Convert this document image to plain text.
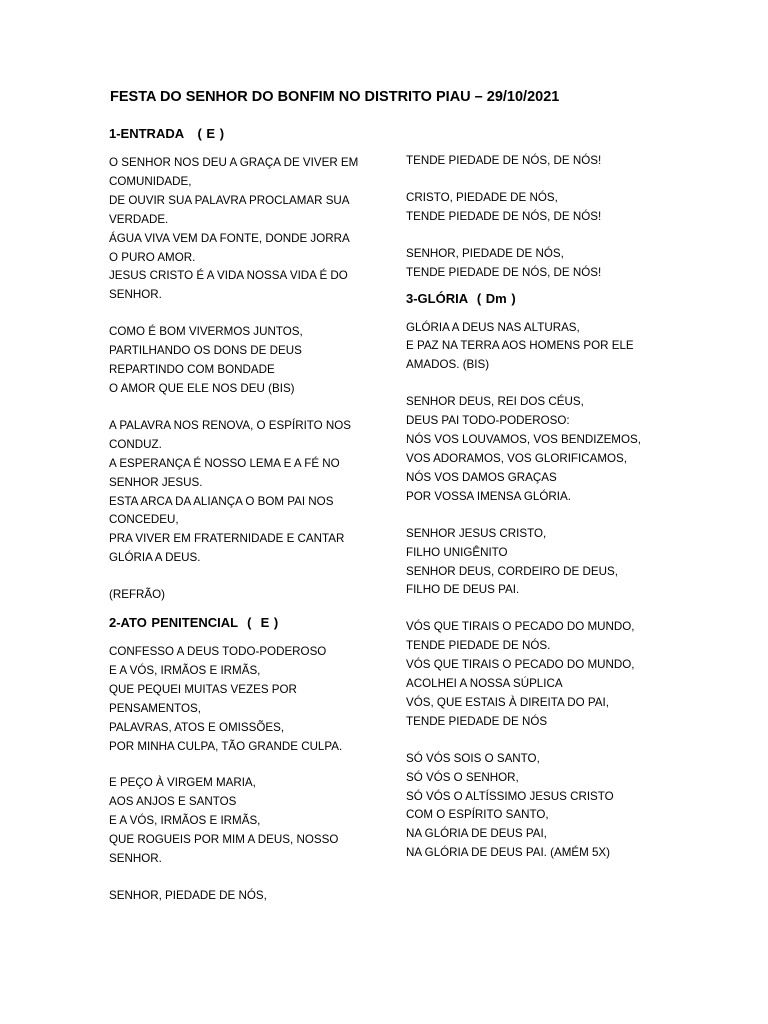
FESTA DO SENHOR DO BONFIM NO DISTRITO PIAU – 29/10/2021
1-ENTRADA   ( E )
O SENHOR NOS DEU A GRAÇA DE VIVER EM
COMUNIDADE,
DE OUVIR SUA PALAVRA PROCLAMAR SUA
VERDADE.
ÁGUA VIVA VEM DA FONTE, DONDE JORRA
O PURO AMOR.
JESUS CRISTO É A VIDA NOSSA VIDA É DO
SENHOR.
COMO É BOM VIVERMOS JUNTOS,
PARTILHANDO OS DONS DE DEUS
REPARTINDO COM BONDADE
O AMOR QUE ELE NOS DEU (BIS)
A PALAVRA NOS RENOVA, O ESPÍRITO NOS
CONDUZ.
A ESPERANÇA É NOSSO LEMA E A FÉ NO
SENHOR JESUS.
ESTA ARCA DA ALIANÇA O BOM PAI NOS
CONCEDEU,
PRA VIVER EM FRATERNIDADE E CANTAR
GLÓRIA A DEUS.
(REFRÃO)
2-ATO PENITENCIAL  (  E )
CONFESSO A DEUS TODO-PODEROSO
E A VÓS, IRMÃOS E IRMÃS,
QUE PEQUEI MUITAS VEZES POR
PENSAMENTOS,
PALAVRAS, ATOS E OMISSÕES,
POR MINHA CULPA, TÃO GRANDE CULPA.
E PEÇO À VIRGEM MARIA,
AOS ANJOS E SANTOS
E A VÓS, IRMÃOS E IRMÃS,
QUE ROGUEIS POR MIM A DEUS, NOSSO
SENHOR.
SENHOR, PIEDADE DE NÓS,
TENDE PIEDADE DE NÓS, DE NÓS!
CRISTO, PIEDADE DE NÓS,
TENDE PIEDADE DE NÓS, DE NÓS!
SENHOR, PIEDADE DE NÓS,
TENDE PIEDADE DE NÓS, DE NÓS!
3-GLÓRIA  ( Dm )
GLÓRIA A DEUS NAS ALTURAS,
E PAZ NA TERRA AOS HOMENS POR ELE
AMADOS. (BIS)
SENHOR DEUS, REI DOS CÉUS,
DEUS PAI TODO-PODEROSO:
NÓS VOS LOUVAMOS, VOS BENDIZEMOS,
VOS ADORAMOS, VOS GLORIFICAMOS,
NÓS VOS DAMOS GRAÇAS
POR VOSSA IMENSA GLÓRIA.
SENHOR JESUS CRISTO,
FILHO UNIGÊNITO
SENHOR DEUS, CORDEIRO DE DEUS,
FILHO DE DEUS PAI.
VÓS QUE TIRAIS O PECADO DO MUNDO,
TENDE PIEDADE DE NÓS.
VÓS QUE TIRAIS O PECADO DO MUNDO,
ACOLHEI A NOSSA SÚPLICA
VÓS, QUE ESTAIS À DIREITA DO PAI,
TENDE PIEDADE DE NÓS
SÓ VÓS SOIS O SANTO,
SÓ VÓS O SENHOR,
SÓ VÓS O ALTÍSSIMO JESUS CRISTO
COM O ESPÍRITO SANTO,
NA GLÓRIA DE DEUS PAI,
NA GLÓRIA DE DEUS PAI. (AMÉM 5X)
